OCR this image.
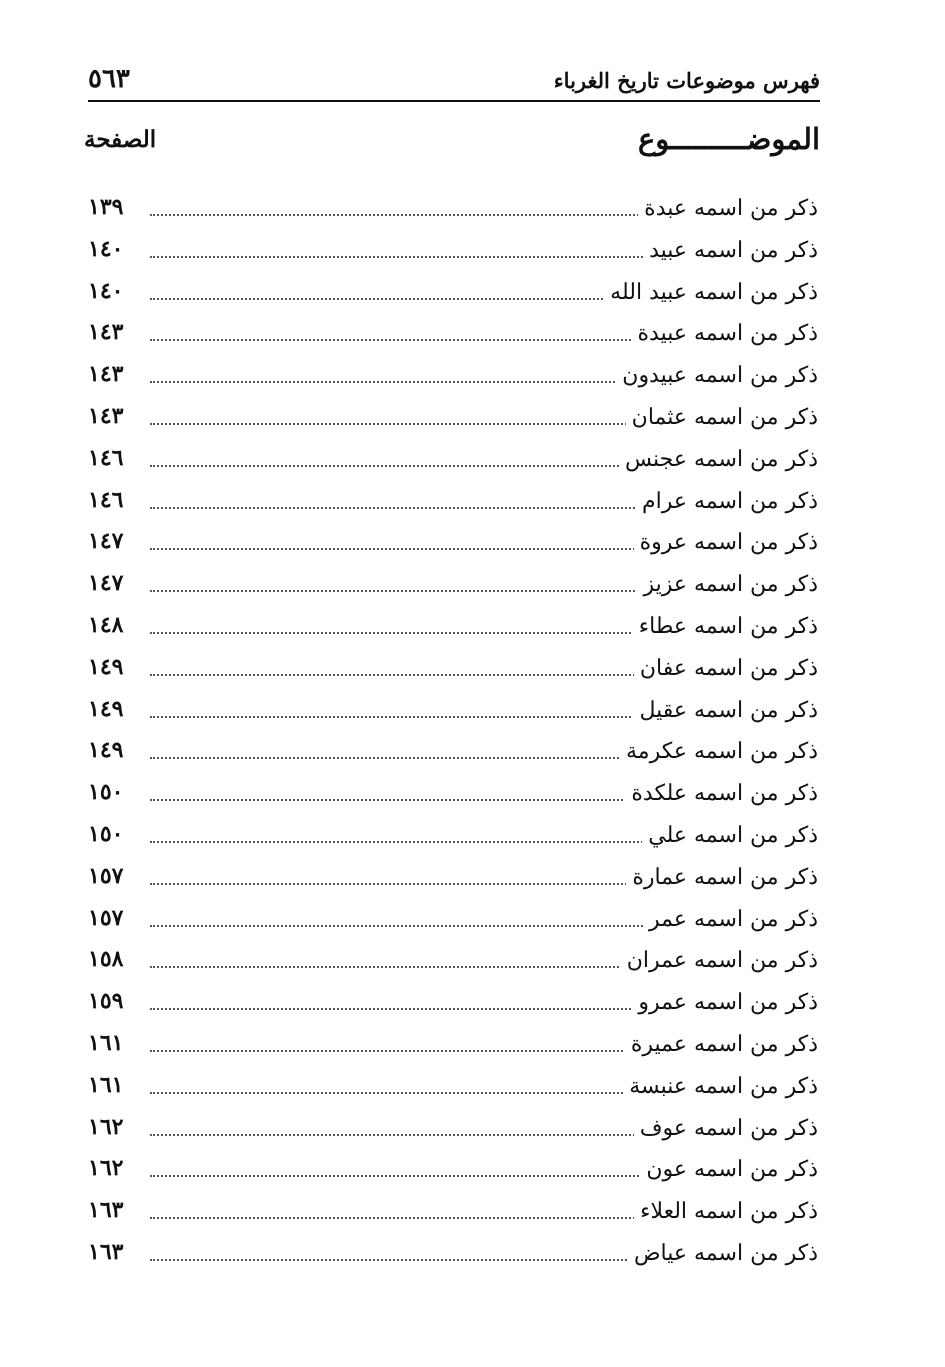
فهرس موضوعات تاريخ الغرباء
٥٦٣
الموضـــــــــوع
الصفحة
ذكر من اسمه عبدة
١٣٩
ذكر من اسمه عبيد
١٤٠
ذكر من اسمه عبيد الله
١٤٠
ذكر من اسمه عبيدة
١٤٣
ذكر من اسمه عبيدون
١٤٣
ذكر من اسمه عثمان
١٤٣
ذكر من اسمه عجنس
١٤٦
ذكر من اسمه عرام
١٤٦
ذكر من اسمه عروة
١٤٧
ذكر من اسمه عزيز
١٤٧
ذكر من اسمه عطاء
١٤٨
ذكر من اسمه عفان
١٤٩
ذكر من اسمه عقيل
١٤٩
ذكر من اسمه عكرمة
١٤٩
ذكر من اسمه علكدة
١٥٠
ذكر من اسمه علي
١٥٠
ذكر من اسمه عمارة
١٥٧
ذكر من اسمه عمر
١٥٧
ذكر من اسمه عمران
١٥٨
ذكر من اسمه عمرو
١٥٩
ذكر من اسمه عميرة
١٦١
ذكر من اسمه عنبسة
١٦١
ذكر من اسمه عوف
١٦٢
ذكر من اسمه عون
١٦٢
ذكر من اسمه العلاء
١٦٣
ذكر من اسمه عياض
١٦٣
